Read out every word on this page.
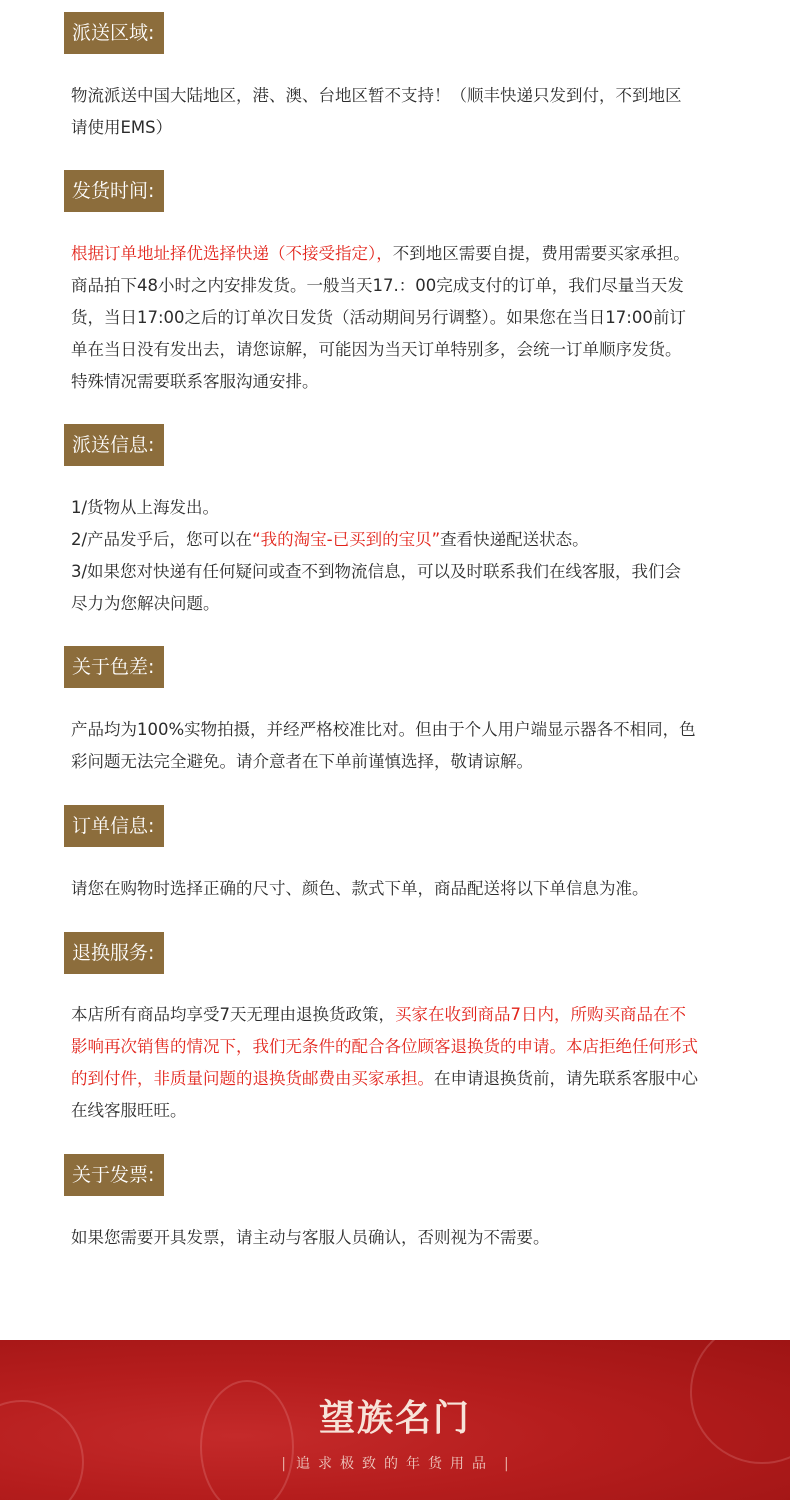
派送区域:
物流派送中国大陆地区，港、澳、台地区暂不支持！（顺丰快递只发到付，不到地区
请使用EMS）
发货时间:
根据订单地址择优选择快递（不接受指定），不到地区需要自提，费用需要买家承担。
商品拍下48小时之内安排发货。一般当天17.：00完成支付的订单，我们尽量当天发
货，当日17:00之后的订单次日发货（活动期间另行调整）。如果您在当日17:00前订
单在当日没有发出去，请您谅解，可能因为当天订单特别多，会统一订单顺序发货。
特殊情况需要联系客服沟通安排。
派送信息:
1/货物从上海发出。
2/产品发乎后，您可以在“我的淘宝-已买到的宝贝”查看快递配送状态。
3/如果您对快递有任何疑问或查不到物流信息，可以及时联系我们在线客服，我们会
尽力为您解决问题。
关于色差:
产品均为100%实物拍摄，并经严格校准比对。但由于个人用户端显示器各不相同，色
彩问题无法完全避免。请介意者在下单前谨慎选择，敬请谅解。
订单信息:
请您在购物时选择正确的尺寸、颜色、款式下单，商品配送将以下单信息为准。
退换服务:
本店所有商品均享受7天无理由退换货政策，买家在收到商品7日内，所购买商品在不
影响再次销售的情况下，我们无条件的配合各位顾客退换货的申请。本店拒绝任何形式
的到付件，非质量问题的退换货邮费由买家承担。在申请退换货前，请先联系客服中心
在线客服旺旺。
关于发票:
如果您需要开具发票，请主动与客服人员确认，否则视为不需要。
望族名门
| 追求极致的年货用品 |
